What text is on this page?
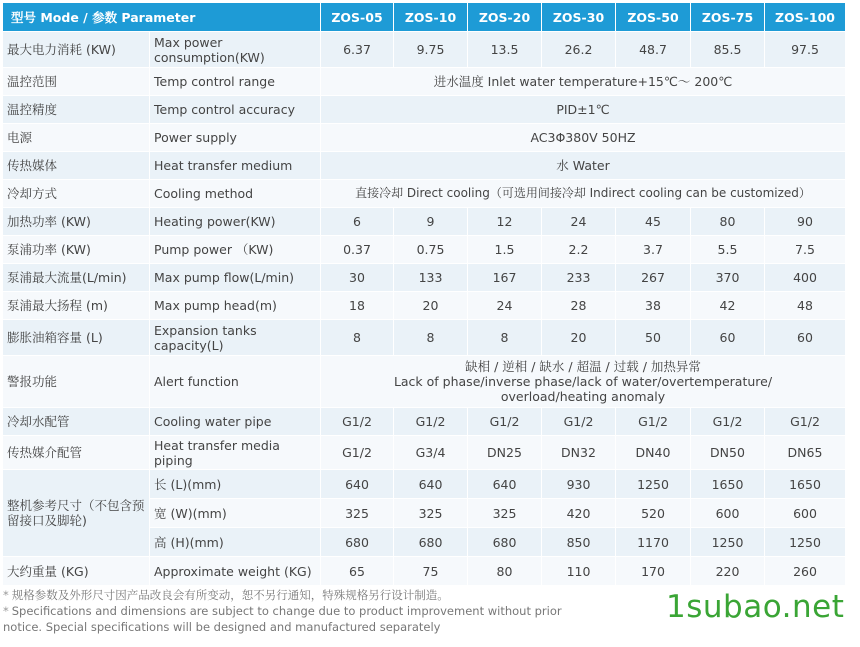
型号 Mode / 参数 Parameter		ZOS-05	ZOS-10	ZOS-20	ZOS-30	ZOS-50	ZOS-75	ZOS-100
最大电力消耗 (KW)	Max power consumption(KW)	6.37	9.75	13.5	26.2	48.7	85.5	97.5
温控范围	Temp control range	进水温度 Inlet water temperature+15℃～ 200℃						
温控精度	Temp control accuracy	PID±1℃						
电源	Power supply	AC3Φ380V 50HZ						
传热媒体	Heat transfer medium	水 Water						
冷却方式	Cooling method	直接冷却 Direct cooling（可选用间接冷却 Indirect cooling can be customized）						
加热功率 (KW)	Heating power(KW)	6	9	12	24	45	80	90
泵浦功率 (KW)	Pump power （KW)	0.37	0.75	1.5	2.2	3.7	5.5	7.5
泵浦最大流量(L/min)	Max pump flow(L/min)	30	133	167	233	267	370	400
泵浦最大扬程 (m)	Max pump head(m)	18	20	24	28	38	42	48
膨胀油箱容量 (L)	Expansion tanks capacity(L)	8	8	8	20	50	60	60
警报功能	Alert function	缺相 / 逆相 / 缺水 / 超温 / 过载 / 加热异常
Lack of phase/inverse phase/lack of water/overtemperature/
overload/heating anomaly						

冷却水配管	Cooling water pipe	G1/2	G1/2	G1/2	G1/2	G1/2	G1/2	G1/2
传热媒介配管	Heat transfer media piping	G1/2	G3/4	DN25	DN32	DN40	DN50	DN65
整机参考尺寸（不包含预留接口及脚轮)	长 (L)(mm)	640	640	640	930	1250	1650	1650
	宽 (W)(mm)	325	325	325	420	520	600	600
	高 (H)(mm)	680	680	680	850	1170	1250	1250
大约重量 (KG)	Approximate weight (KG)	65	75	80	110	170	220	260
* 规格参数及外形尺寸因产品改良会有所变动，恕不另行通知，特殊规格另行设计制造。
* Specifications and dimensions are subject to change due to product improvement without prior
notice. Special specifications will be designed and manufactured separately
1subao.net
